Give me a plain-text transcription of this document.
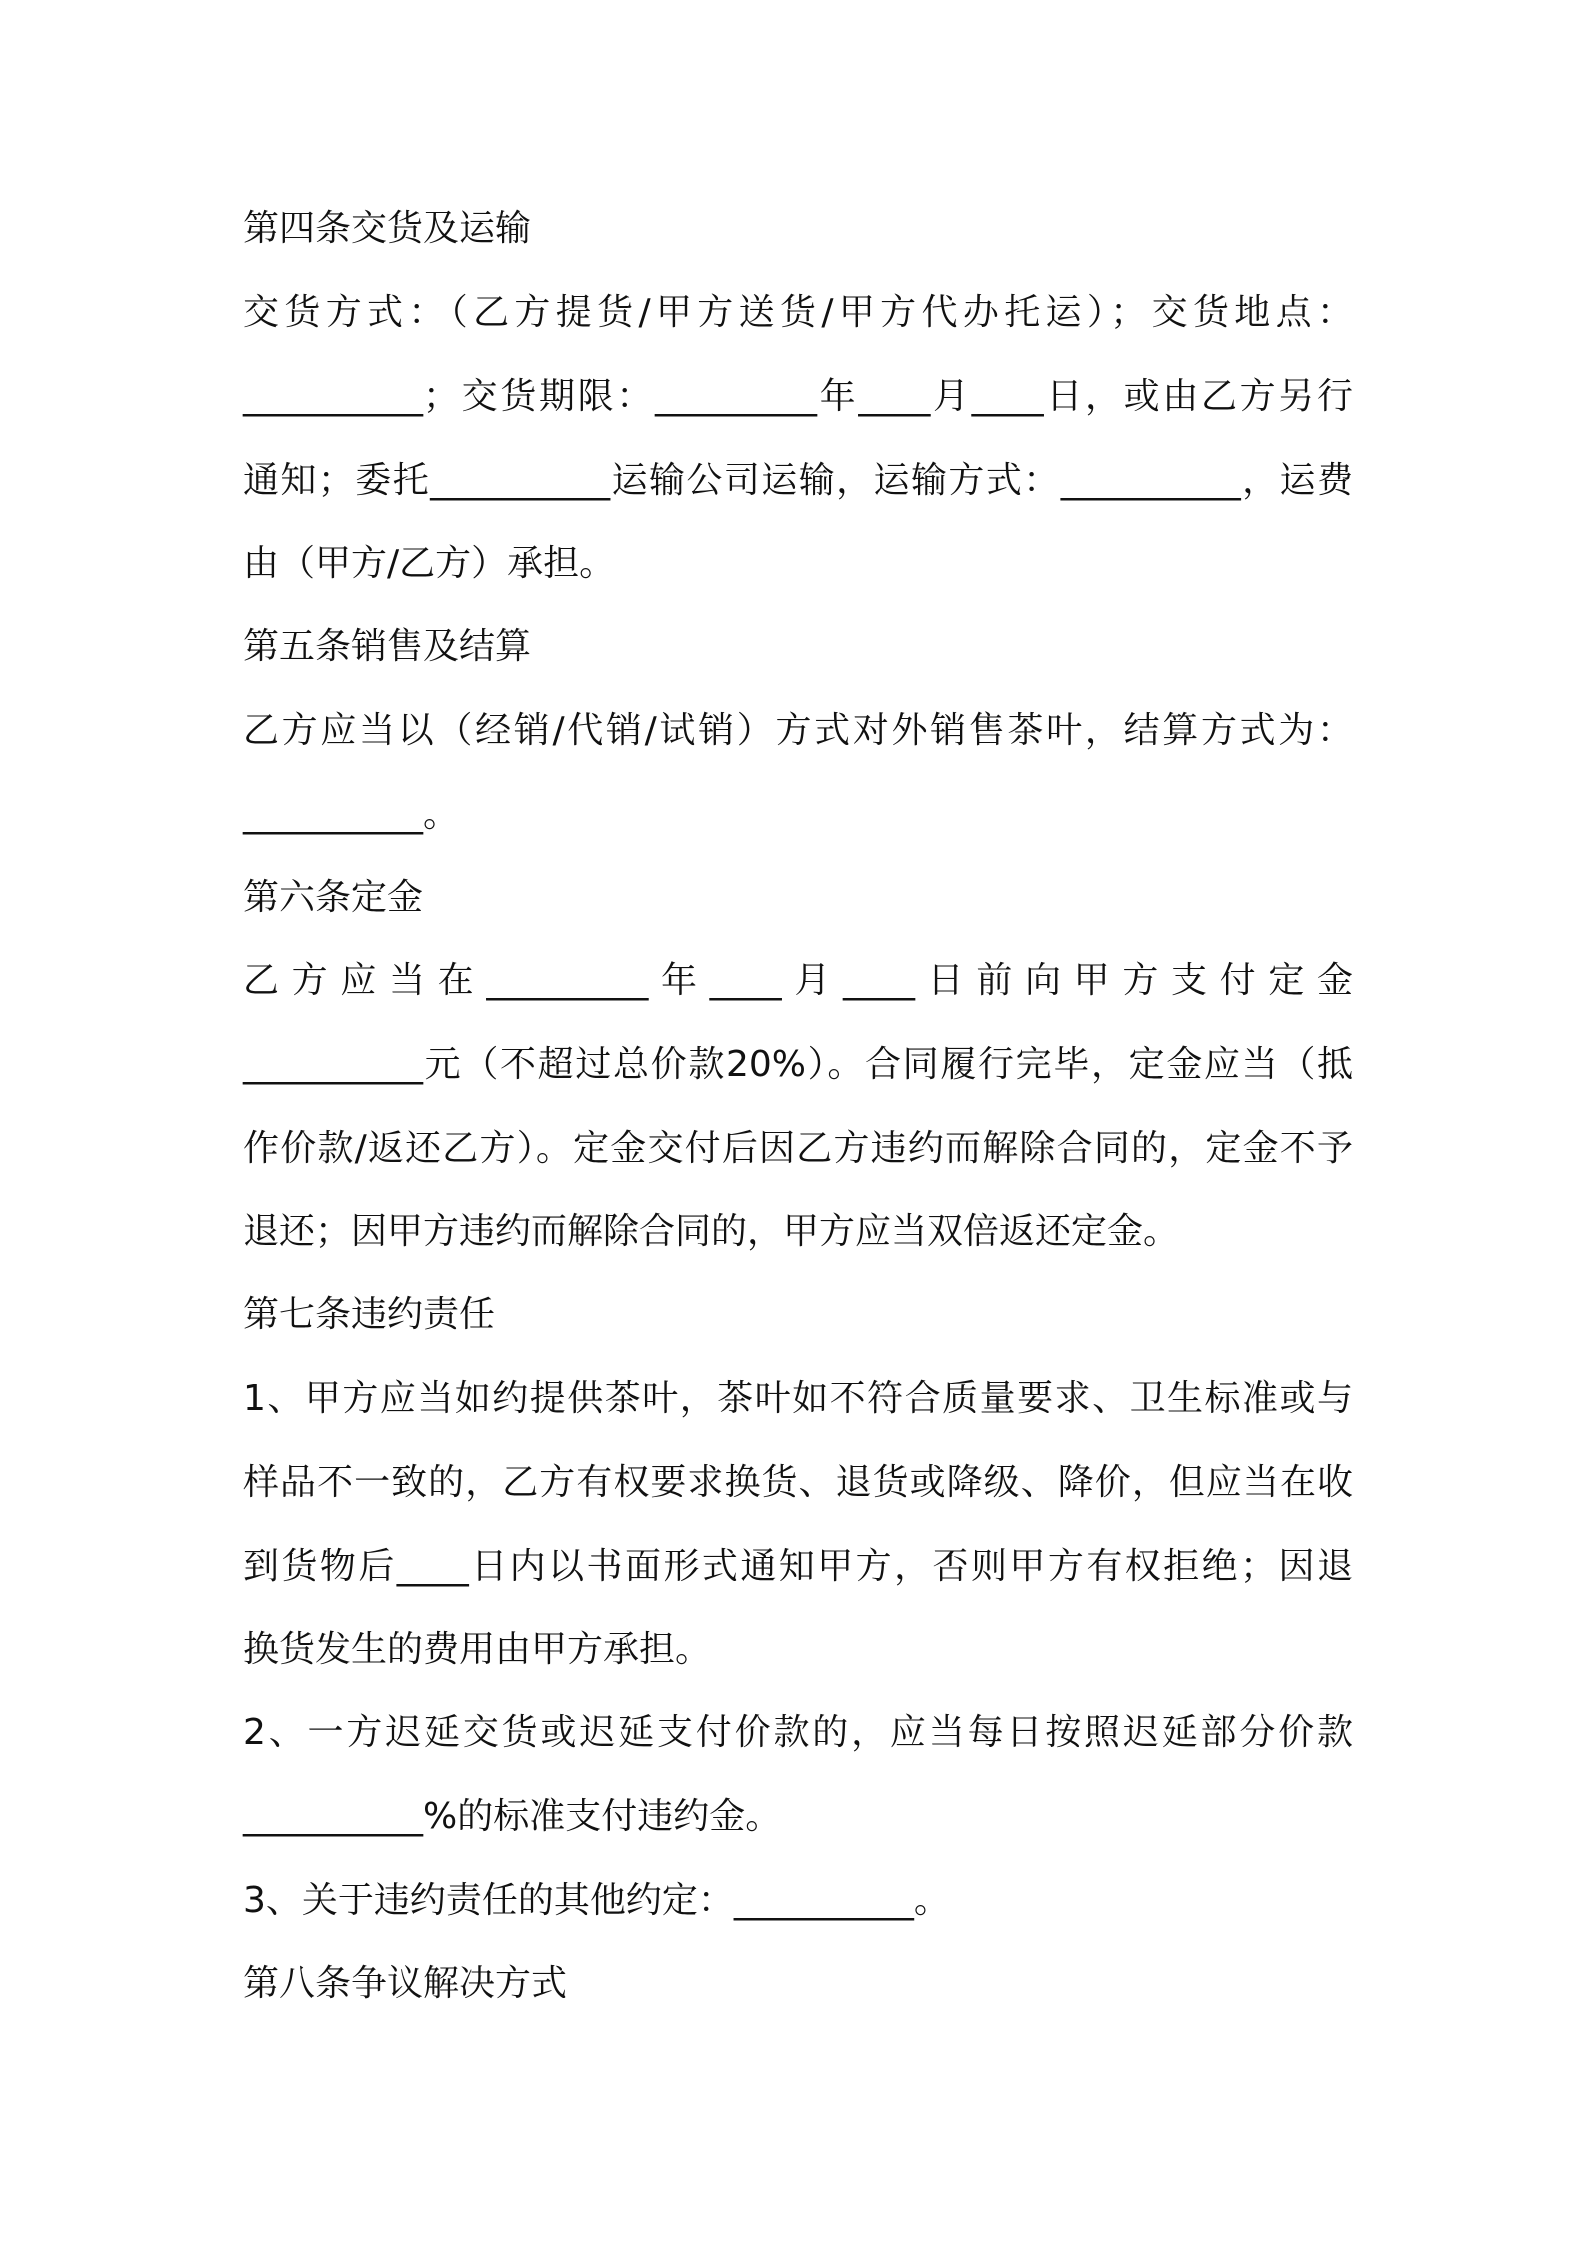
第四条交货及运输
交货方式：（乙方提货/甲方送货/甲方代办托运）；交货地点：
__________；交货期限：_________年____月____日，或由乙方另行
通知；委托__________运输公司运输，运输方式：__________，运费
由（甲方/乙方）承担。
第五条销售及结算
乙方应当以（经销/代销/试销）方式对外销售茶叶，结算方式为：
__________。
第六条定金
乙方应当在_________年____月____日前向甲方支付定金
__________元（不超过总价款20%）。合同履行完毕，定金应当（抵
作价款/返还乙方）。定金交付后因乙方违约而解除合同的，定金不予
退还；因甲方违约而解除合同的，甲方应当双倍返还定金。
第七条违约责任
1、甲方应当如约提供茶叶，茶叶如不符合质量要求、卫生标准或与
样品不一致的，乙方有权要求换货、退货或降级、降价，但应当在收
到货物后____日内以书面形式通知甲方，否则甲方有权拒绝；因退
换货发生的费用由甲方承担。
2、一方迟延交货或迟延支付价款的，应当每日按照迟延部分价款
__________%的标准支付违约金。
3、关于违约责任的其他约定：__________。
第八条争议解决方式
